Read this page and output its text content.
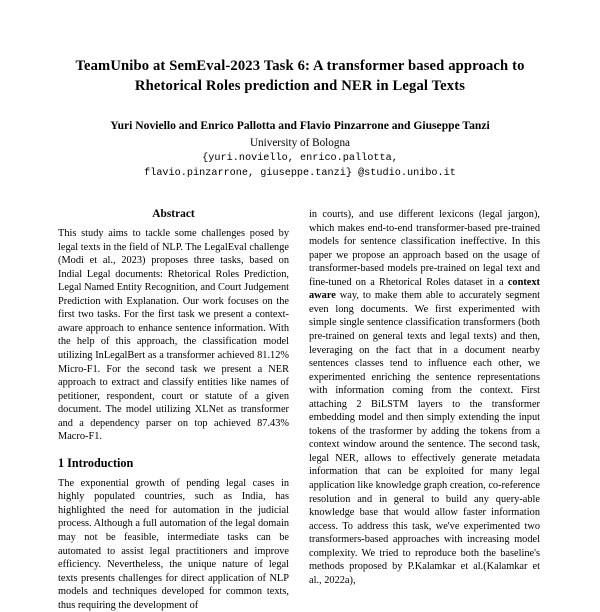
TeamUnibo at SemEval-2023 Task 6: A transformer based approach to Rhetorical Roles prediction and NER in Legal Texts
Yuri Noviello and Enrico Pallotta and Flavio Pinzarrone and Giuseppe Tanzi
University of Bologna
{yuri.noviello, enrico.pallotta,
flavio.pinzarrone, giuseppe.tanzi} @studio.unibo.it
Abstract

This study aims to tackle some challenges posed by legal texts in the field of NLP. The LegalEval challenge (Modi et al., 2023) proposes three tasks, based on Indial Legal documents: Rhetorical Roles Prediction, Legal Named Entity Recognition, and Court Judgement Prediction with Explanation. Our work focuses on the first two tasks. For the first task we present a context-aware approach to enhance sentence information. With the help of this approach, the classification model utilizing InLegalBert as a transformer achieved 81.12% Micro-F1. For the second task we present a NER approach to extract and classify entities like names of petitioner, respondent, court or statute of a given document. The model utilizing XLNet as transformer and a dependency parser on top achieved 87.43% Macro-F1.

1 Introduction

The exponential growth of pending legal cases in highly populated countries, such as India, has highlighted the need for automation in the judicial process. Although a full automation of the legal domain may not be feasible, intermediate tasks can be automated to assist legal practitioners and improve efficiency. Nevertheless, the unique nature of legal texts presents challenges for direct application of NLP models and techniques developed for common texts, thus requiring the development of

in courts), and use different lexicons (legal jargon), which makes end-to-end transformer-based pre-trained models for sentence classification ineffective. In this paper we propose an approach based on the usage of transformer-based models pre-trained on legal text and fine-tuned on a Rhetorical Roles dataset in a context aware way, to make them able to accurately segment even long documents. We first experimented with simple single sentence classification transformers (both pre-trained on general texts and legal texts) and then, leveraging on the fact that in a document nearby sentences classes tend to influence each other, we experimented enriching the sentence representations with information coming from the context. First attaching 2 BiLSTM layers to the transformer embedding model and then simply extending the input tokens of the trasformer by adding the tokens from a context window around the sentence. The second task, legal NER, allows to effectively generate metadata information that can be exploited for many legal application like knowledge graph creation, co-reference resolution and in general to build any query-able knowledge base that would allow faster information access. To address this task, we've experimented two transformers-based approaches with increasing model complexity. We tried to reproduce both the baseline's methods proposed by P.Kalamkar et al.(Kalamkar et al., 2022a),
